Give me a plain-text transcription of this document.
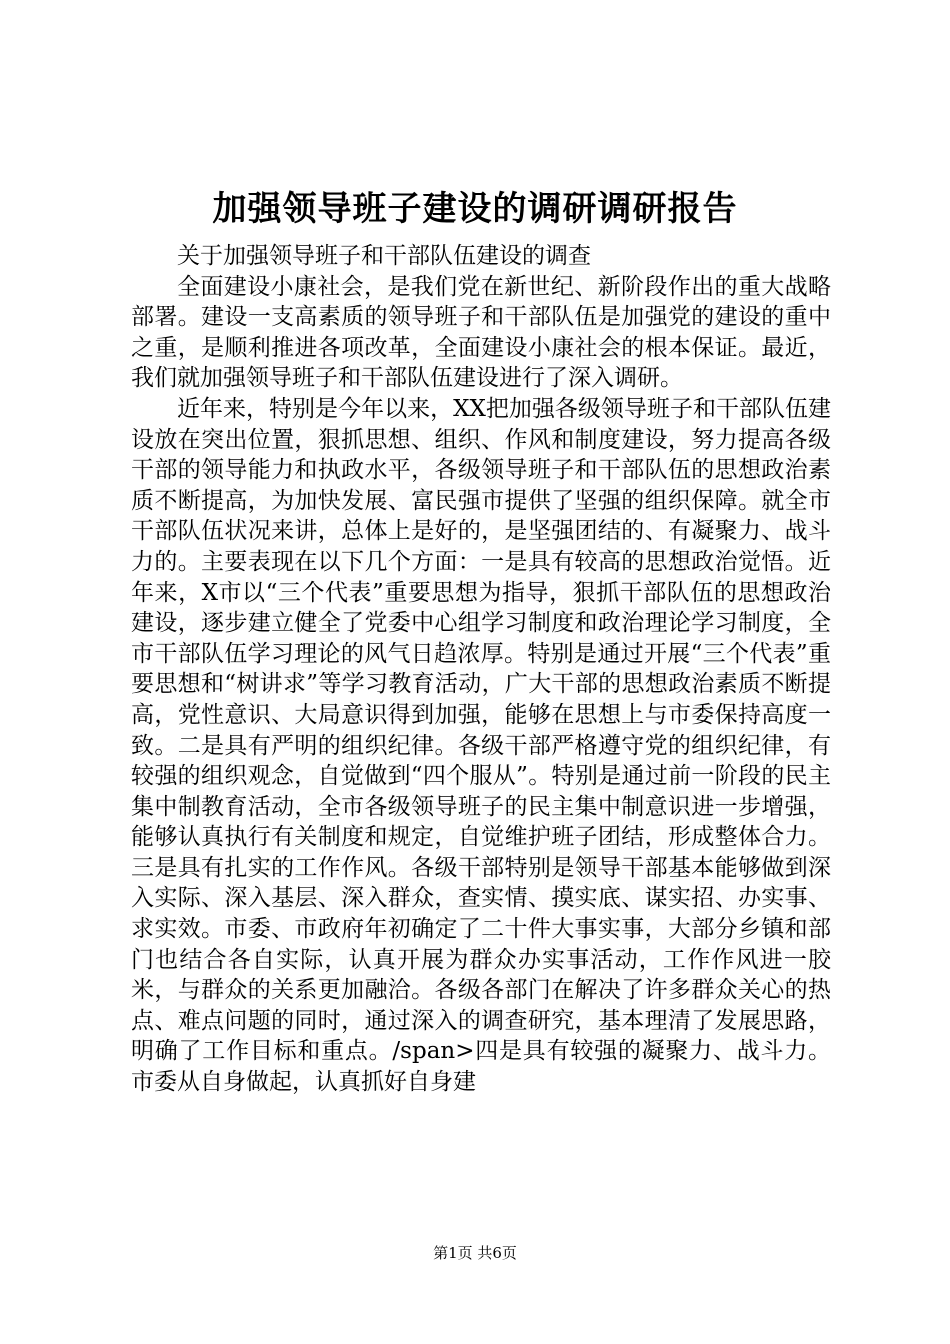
加强领导班子建设的调研调研报告

关于加强领导班子和干部队伍建设的调查

全面建设小康社会，是我们党在新世纪、新阶段作出的重大战略部署。建设一支高素质的领导班子和干部队伍是加强党的建设的重中之重，是顺利推进各项改革，全面建设小康社会的根本保证。最近，我们就加强领导班子和干部队伍建设进行了深入调研。

近年来，特别是今年以来，XX把加强各级领导班子和干部队伍建设放在突出位置，狠抓思想、组织、作风和制度建设，努力提高各级干部的领导能力和执政水平，各级领导班子和干部队伍的思想政治素质不断提高，为加快发展、富民强市提供了坚强的组织保障。就全市干部队伍状况来讲，总体上是好的，是坚强团结的、有凝聚力、战斗力的。主要表现在以下几个方面：一是具有较高的思想政治觉悟。近年来，X市以“三个代表”重要思想为指导，狠抓干部队伍的思想政治建设，逐步建立健全了党委中心组学习制度和政治理论学习制度，全市干部队伍学习理论的风气日趋浓厚。特别是通过开展“三个代表”重要思想和“树讲求”等学习教育活动，广大干部的思想政治素质不断提高，党性意识、大局意识得到加强，能够在思想上与市委保持高度一致。二是具有严明的组织纪律。各级干部严格遵守党的组织纪律，有较强的组织观念，自觉做到“四个服从”。特别是通过前一阶段的民主集中制教育活动，全市各级领导班子的民主集中制意识进一步增强，能够认真执行有关制度和规定，自觉维护班子团结，形成整体合力。三是具有扎实的工作作风。各级干部特别是领导干部基本能够做到深入实际、深入基层、深入群众，查实情、摸实底、谋实招、办实事、求实效。市委、市政府年初确定了二十件大事实事，大部分乡镇和部门也结合各自实际，认真开展为群众办实事活动，工作作风进一胶米，与群众的关系更加融洽。各级各部门在解决了许多群众关心的热点、难点问题的同时，通过深入的调查研究，基本理清了发展思路，明确了工作目标和重点。/span>四是具有较强的凝聚力、战斗力。市委从自身做起，认真抓好自身建

第1页 共6页
